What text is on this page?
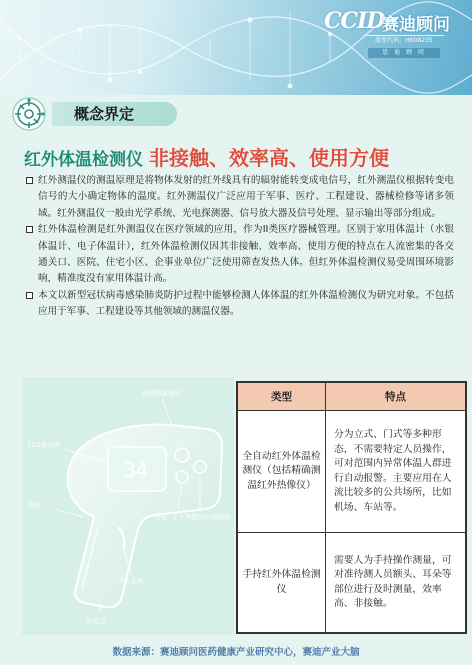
CCID
赛迪顾问
股票代码：HK08235
思 迪 顾 问
概念界定
红外体温检测仪 非接触、效率高、使用方便
红外测温仪的测温原理是将物体发射的红外线具有的辐射能转变成电信号，红外测温仪根据转变电信号的大小确定物体的温度。红外测温仪广泛应用于军事、医疗、工程建设、器械检修等诸多领域。红外测温仪一般由光学系统、光电探测器、信号放大器及信号处理、显示输出等部分组成。
红外体温检测是红外测温仪在医疗领域的应用，作为II类医疗器械管理。区别于家用体温计（水银体温计、电子体温计），红外体温检测仪因其非接触、效率高、使用方便的特点在人流密集的各交通关口、医院、住宅小区、企事业单位广泛使用筛查发热人体。但红外体温检测仪易受周围环境影响，精准度没有家用体温计高。
本文以新型冠状病毒感染肺炎防护过程中能够检测人体体温的红外体温检测仪为研究对象。不包括应用于军事、工程建设等其他领域的测温仪器。
34
切换测量模式
LED显示屏
电池
功能 上下调整 红外探测器
开关扳机
电池盖
类型	特点
全自动红外体温检测仪（包括精确测温红外热像仪）	分为立式、门式等多种形态，不需要特定人员操作，可对范围内异常体温人群进行自动报警。主要应用在人流比较多的公共场所，比如机场、车站等。
手持红外体温检测仪	需要人为手持操作测量，可对准待测人员额头、耳朵等部位进行及时测量，效率高、非接触。
数据来源：赛迪顾问医药健康产业研究中心，赛迪产业大脑
